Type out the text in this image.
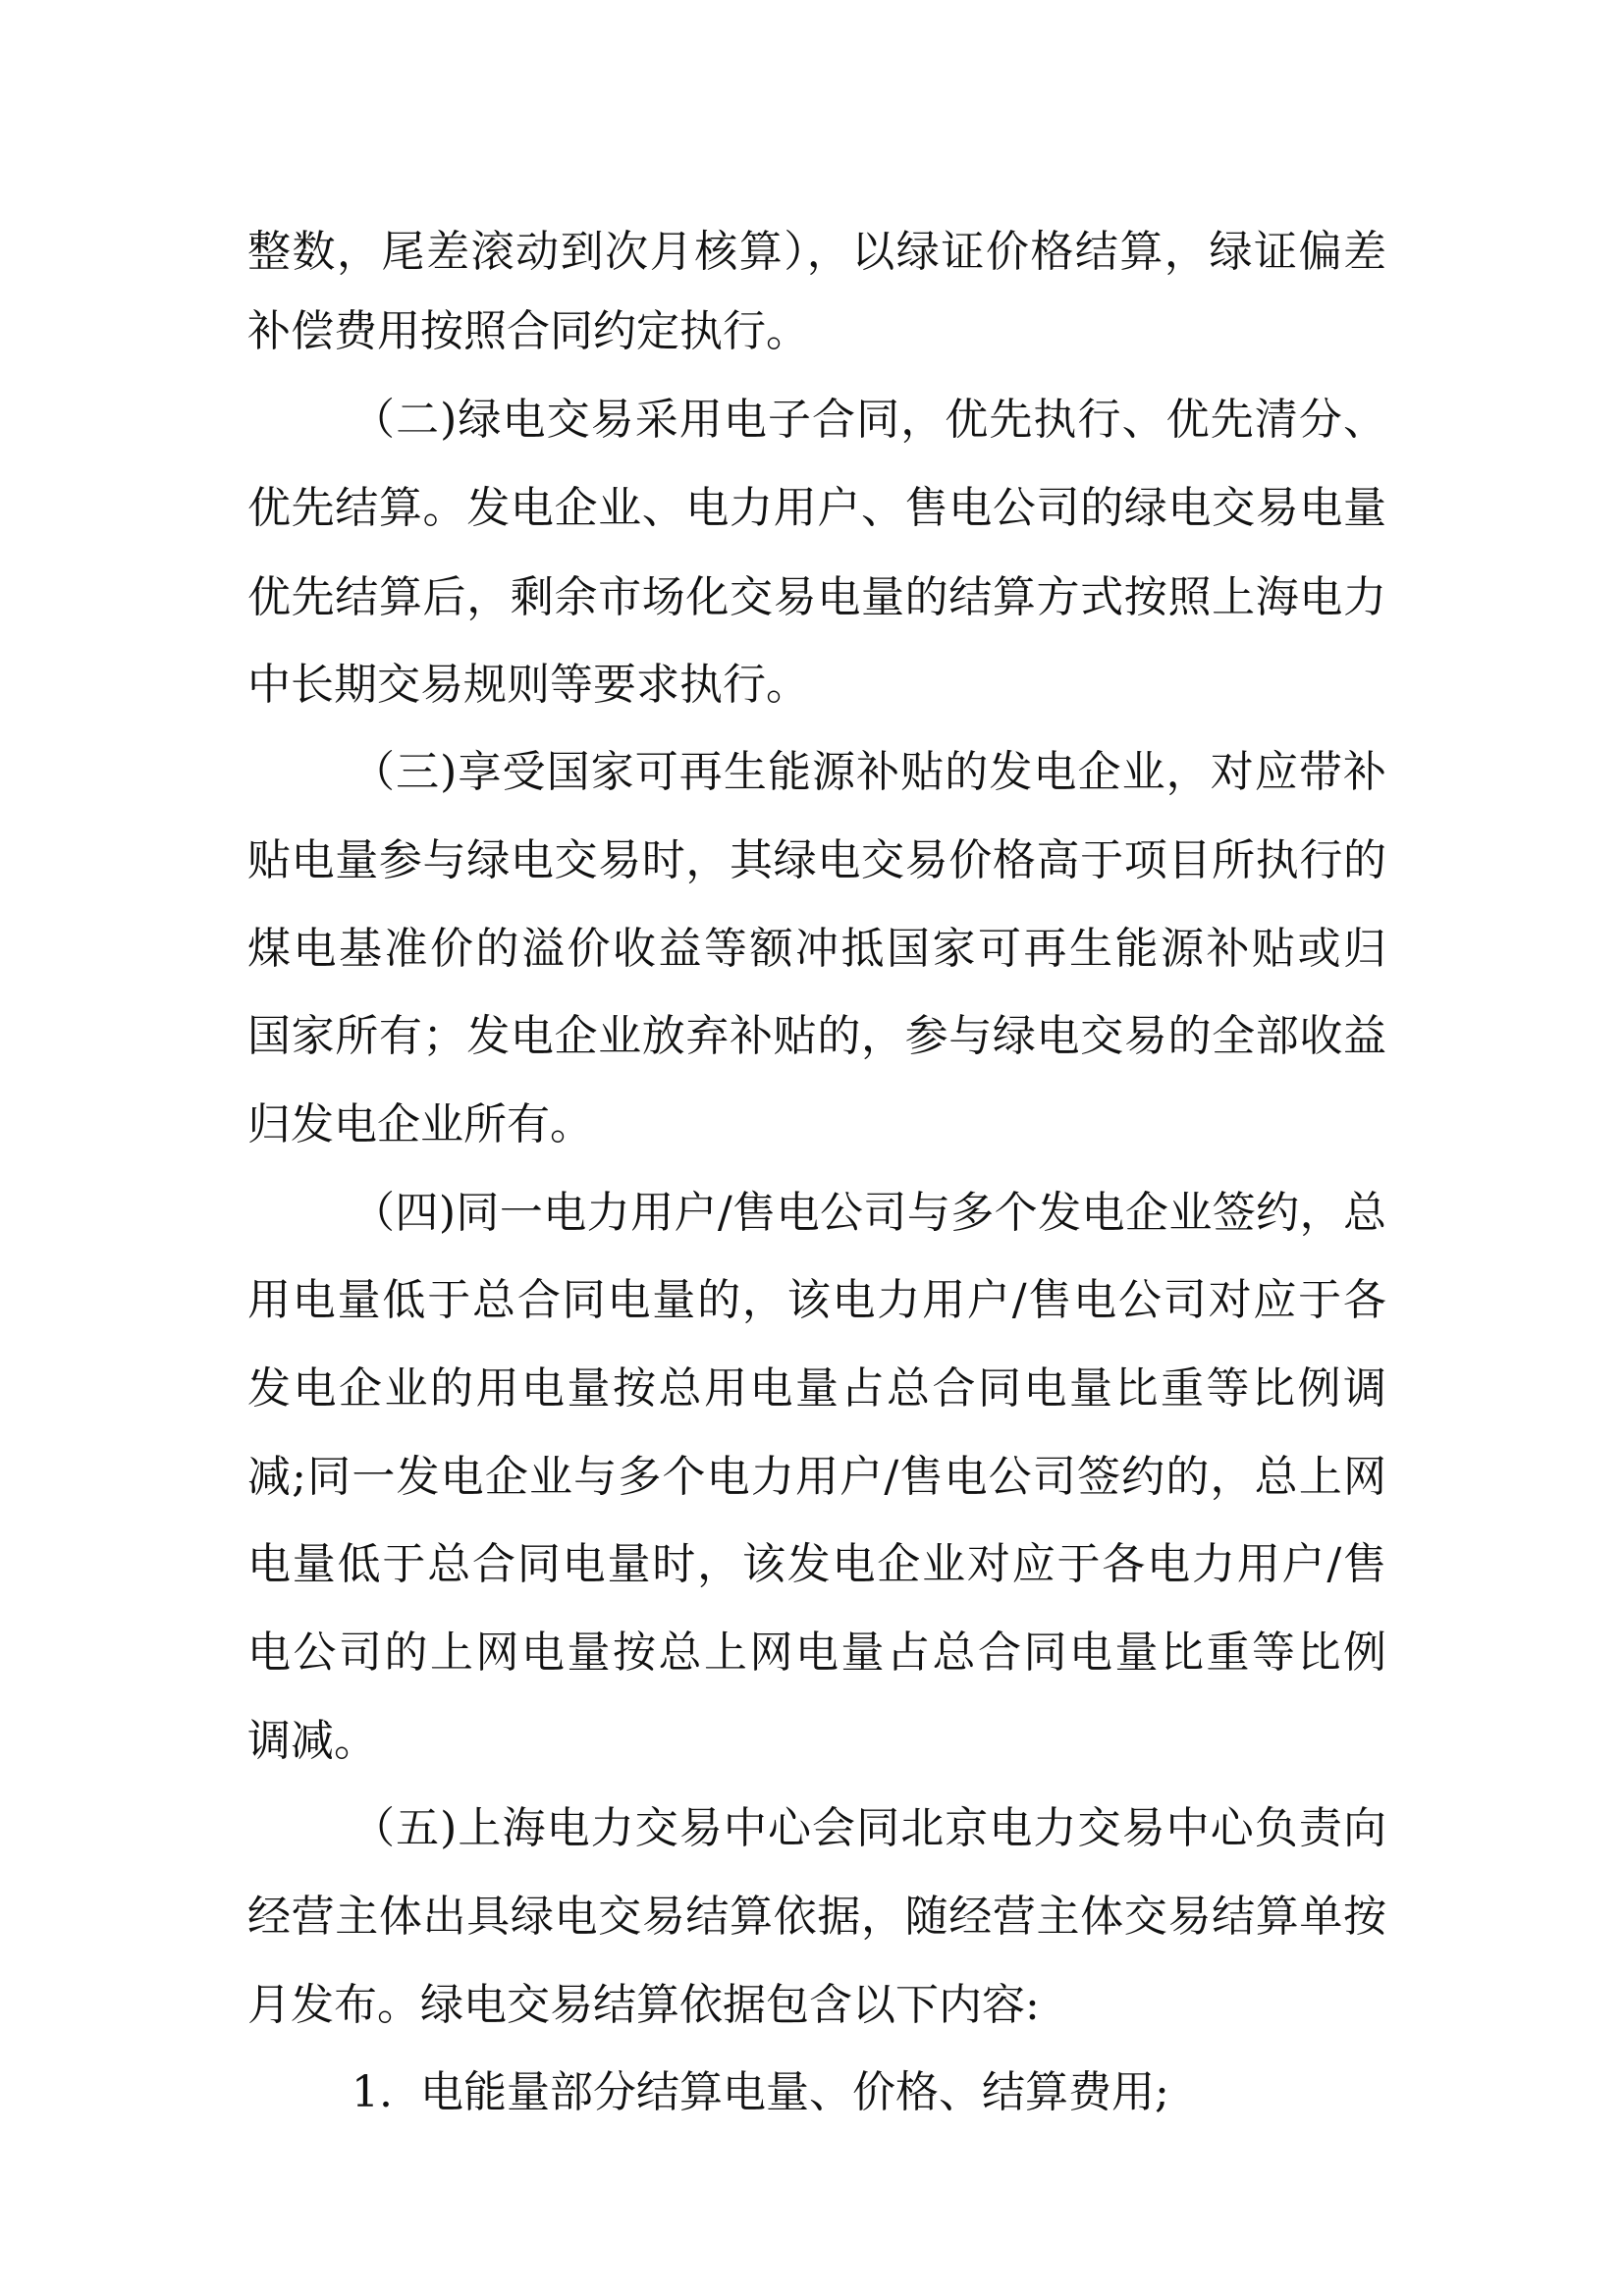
整数，尾差滚动到次月核算），以绿证价格结算，绿证偏差
补偿费用按照合同约定执行。
（二)绿电交易采用电子合同，优先执行、优先清分、
优先结算。发电企业、电力用户、售电公司的绿电交易电量
优先结算后，剩余市场化交易电量的结算方式按照上海电力
中长期交易规则等要求执行。
（三)享受国家可再生能源补贴的发电企业，对应带补
贴电量参与绿电交易时，其绿电交易价格高于项目所执行的
煤电基准价的溢价收益等额冲抵国家可再生能源补贴或归
国家所有；发电企业放弃补贴的，参与绿电交易的全部收益
归发电企业所有。
（四)同一电力用户/售电公司与多个发电企业签约，总
用电量低于总合同电量的，该电力用户/售电公司对应于各
发电企业的用电量按总用电量占总合同电量比重等比例调
减;同一发电企业与多个电力用户/售电公司签约的，总上网
电量低于总合同电量时，该发电企业对应于各电力用户/售
电公司的上网电量按总上网电量占总合同电量比重等比例
调减。
（五)上海电力交易中心会同北京电力交易中心负责向
经营主体出具绿电交易结算依据，随经营主体交易结算单按
月发布。绿电交易结算依据包含以下内容:
1. 电能量部分结算电量、价格、结算费用;
